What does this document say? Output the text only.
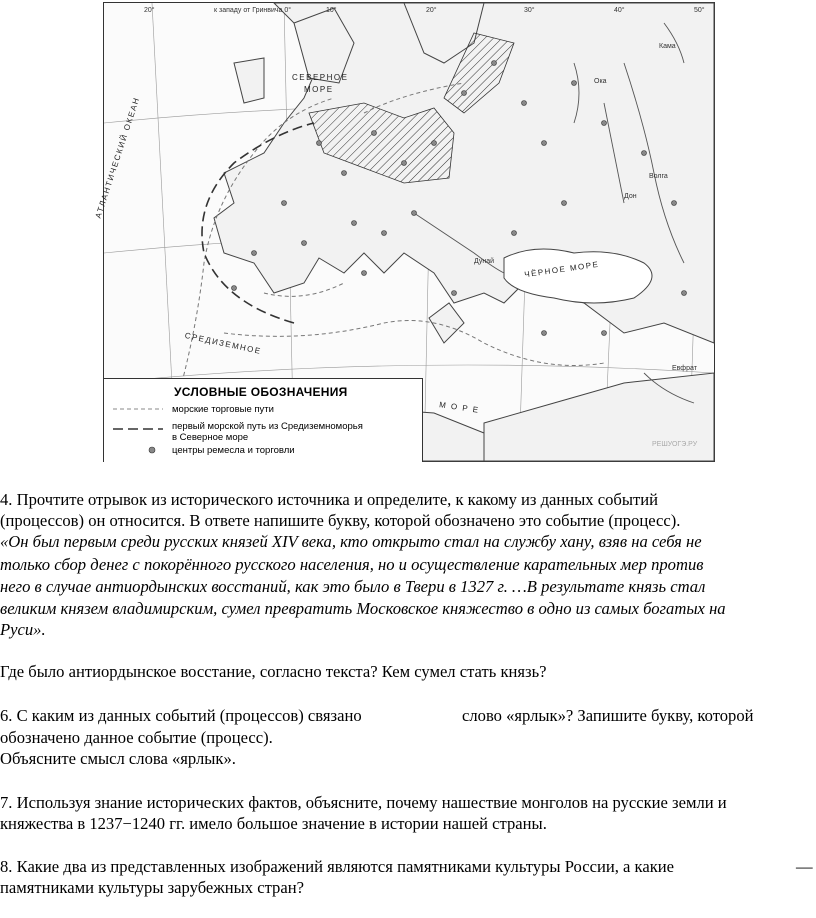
к западу от Гринвича 0°
20°	10°	20°	30°	40°	50°
АТЛАНТИЧЕСКИЙ ОКЕАН
СЕВЕРНОЕ
МОРЕ
ЧЁРНОЕ МОРЕ
СРЕДИЗЕМНОЕ
М О Р Е
Дунай
Волга
Дон
Кама
Ока
Евфрат
РЕШУОГЭ.РУ
УСЛОВНЫЕ ОБОЗНАЧЕНИЯ
морские торговые пути
первый морской путь из Средиземноморья
в Северное море
центры ремесла и торговли
4. Прочтите отрывок из исторического источника и определите, к какому из данных событий
(процессов) он относится. В ответе напишите букву, которой обозначено это событие (процесс).
«Он был первым среди русских князей XIV века, кто открыто стал на службу хану, взяв на себя не
только сбор денег с покорённого русского населения, но и осуществление карательных мер против
него в случае антиордынских восстаний, как это было в Твери в 1327 г. …В результате князь стал
великим князем владимирским, сумел превратить Московское княжество в одно из самых богатых на
Руси».
Где было антиордынское восстание, согласно текста? Кем сумел стать князь?
6. С каким из данных событий (процессов) связано	слово «ярлык»? Запишите букву, которой
обозначено данное событие (процесс).
Объясните смысл слова «ярлык».
7. Используя знание исторических фактов, объясните, почему нашествие монголов на русские земли и
княжества в 1237−1240 гг. имело большое значение в истории нашей страны.
8. Какие два из представленных изображений являются памятниками культуры России, а какие	—
памятниками культуры зарубежных стран?
